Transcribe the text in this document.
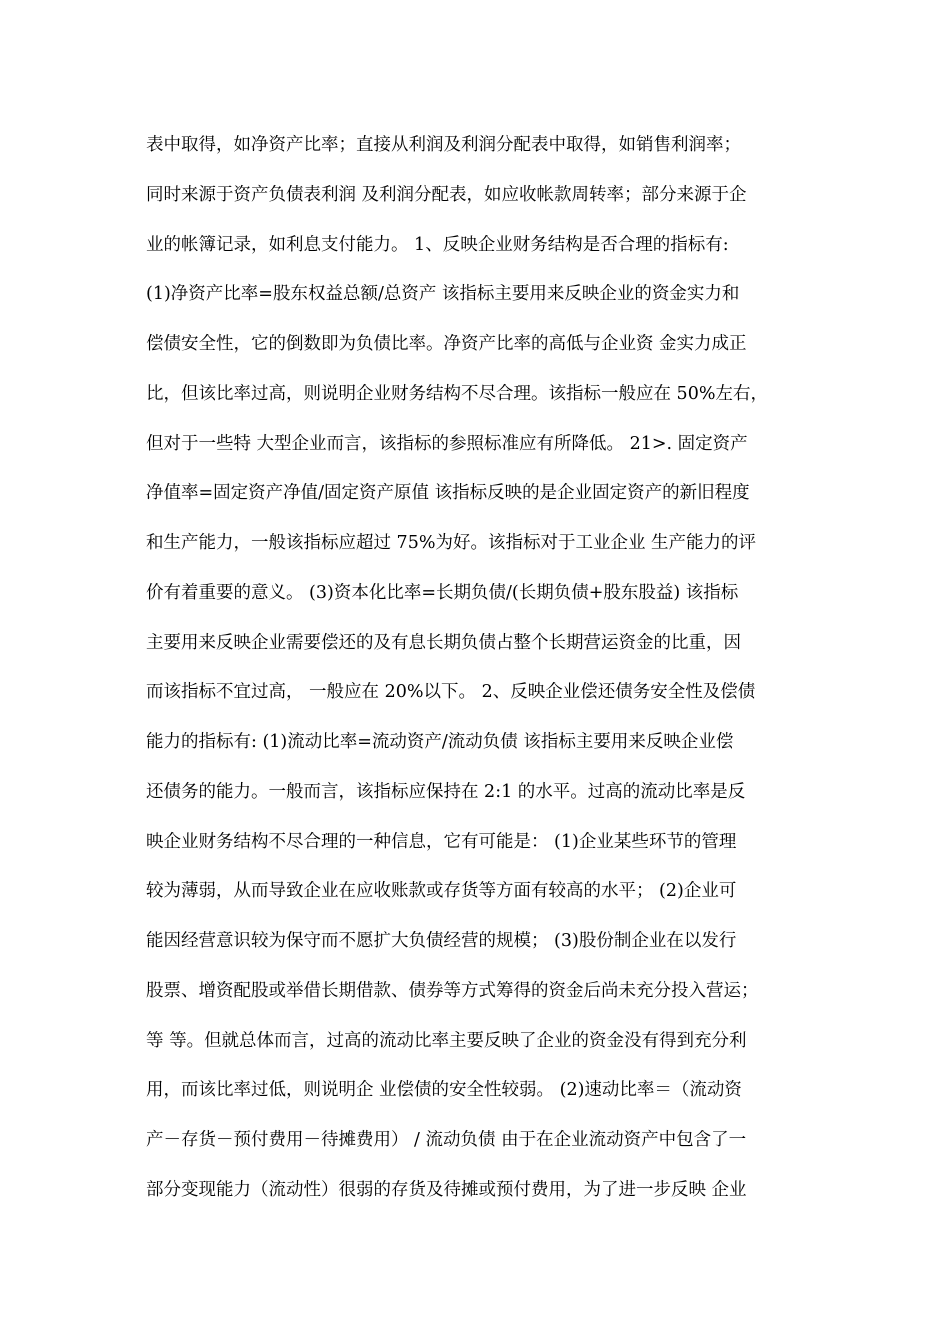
表中取得，如净资产比率；直接从利润及利润分配表中取得，如销售利润率；
同时来源于资产负债表利润 及利润分配表，如应收帐款周转率；部分来源于企
业的帐簿记录，如利息支付能力。 1、反映企业财务结构是否合理的指标有:
(1)净资产比率=股东权益总额/总资产 该指标主要用来反映企业的资金实力和
偿债安全性，它的倒数即为负债比率。净资产比率的高低与企业资 金实力成正
比，但该比率过高，则说明企业财务结构不尽合理。该指标一般应在 50%左右，
但对于一些特 大型企业而言，该指标的参照标准应有所降低。 21>. 固定资产
净值率=固定资产净值/固定资产原值 该指标反映的是企业固定资产的新旧程度
和生产能力，一般该指标应超过 75%为好。该指标对于工业企业 生产能力的评
价有着重要的意义。 (3)资本化比率=长期负债/(长期负债+股东股益) 该指标
主要用来反映企业需要偿还的及有息长期负债占整个长期营运资金的比重，因
而该指标不宜过高， 一般应在 20%以下。 2、反映企业偿还债务安全性及偿债
能力的指标有: (1)流动比率=流动资产/流动负债 该指标主要用来反映企业偿
还债务的能力。一般而言，该指标应保持在 2:1 的水平。过高的流动比率是反
映企业财务结构不尽合理的一种信息，它有可能是： (1)企业某些环节的管理
较为薄弱，从而导致企业在应收账款或存货等方面有较高的水平； (2)企业可
能因经营意识较为保守而不愿扩大负债经营的规模； (3)股份制企业在以发行
股票、增资配股或举借长期借款、债券等方式筹得的资金后尚未充分投入营运；
等 等。但就总体而言，过高的流动比率主要反映了企业的资金没有得到充分利
用，而该比率过低，则说明企 业偿债的安全性较弱。 (2)速动比率＝（流动资
产－存货－预付费用－待摊费用） / 流动负债 由于在企业流动资产中包含了一
部分变现能力（流动性）很弱的存货及待摊或预付费用，为了进一步反映 企业
